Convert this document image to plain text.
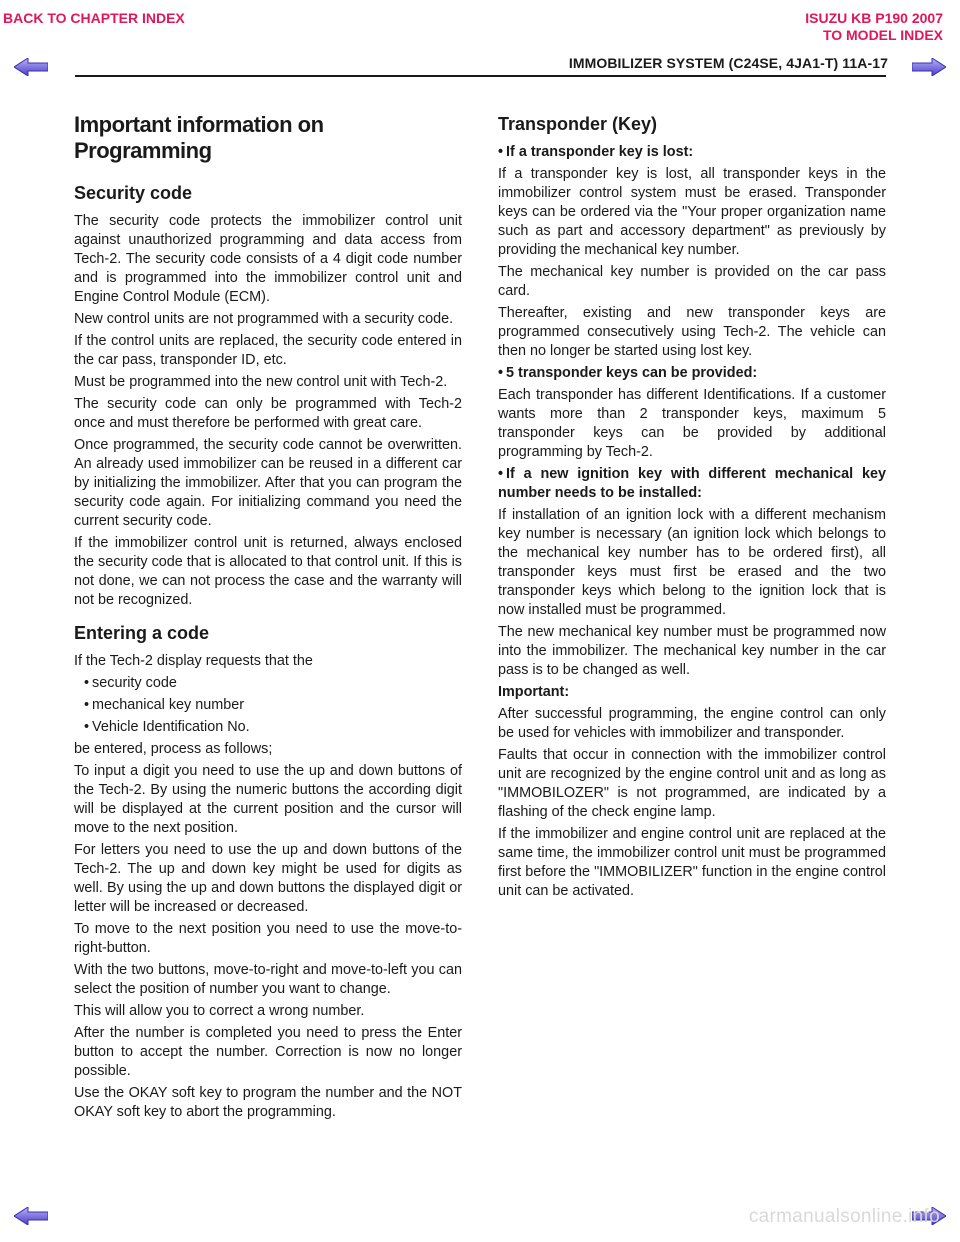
BACK TO CHAPTER INDEX	ISUZU KB P190 2007
TO MODEL INDEX
IMMOBILIZER SYSTEM (C24SE, 4JA1-T) 11A-17
Important information on Programming
Security code

The security code protects the immobilizer control unit against unauthorized programming and data access from Tech-2. The security code consists of a 4 digit code number and is programmed into the immobilizer control unit and Engine Control Module (ECM).

New control units are not programmed with a security code.

If the control units are replaced, the security code entered in the car pass, transponder ID, etc.

Must be programmed into the new control unit with Tech-2.

The security code can only be programmed with Tech-2 once and must therefore be performed with great care.

Once programmed, the security code cannot be overwritten. An already used immobilizer can be reused in a different car by initializing the immobilizer. After that you can program the security code again. For initializing command you need the current security code.

If the immobilizer control unit is returned, always enclosed the security code that is allocated to that control unit. If this is not done, we can not process the case and the warranty will not be recognized.

Entering a code

If the Tech-2 display requests that the

• security code
• mechanical key number
• Vehicle Identification No.

be entered, process as follows;

To input a digit you need to use the up and down buttons of the Tech-2. By using the numeric buttons the according digit will be displayed at the current position and the cursor will move to the next position.

For letters you need to use the up and down buttons of the Tech-2. The up and down key might be used for digits as well. By using the up and down buttons the displayed digit or letter will be increased or decreased.

To move to the next position you need to use the move-to-right-button.

With the two buttons, move-to-right and move-to-left you can select the position of number you want to change.

This will allow you to correct a wrong number.

After the number is completed you need to press the Enter button to accept the number. Correction is now no longer possible.

Use the OKAY soft key to program the number and the NOT OKAY soft key to abort the programming.

Transponder (Key)

• If a transponder key is lost:

If a transponder key is lost, all transponder keys in the immobilizer control system must be erased. Transponder keys can be ordered via the "Your proper organization name such as part and accessory department" as previously by providing the mechanical key number.

The mechanical key number is provided on the car pass card.

Thereafter, existing and new transponder keys are programmed consecutively using Tech-2. The vehicle can then no longer be started using lost key.

• 5 transponder keys can be provided:

Each transponder has different Identifications. If a customer wants more than 2 transponder keys, maximum 5 transponder keys can be provided by additional programming by Tech-2.

• If a new ignition key with different mechanical key number needs to be installed:

If installation of an ignition lock with a different mechanism key number is necessary (an ignition lock which belongs to the mechanical key number has to be ordered first), all transponder keys must first be erased and the two transponder keys which belong to the ignition lock that is now installed must be programmed.

The new mechanical key number must be programmed now into the immobilizer. The mechanical key number in the car pass is to be changed as well.

Important:

After successful programming, the engine control can only be used for vehicles with immobilizer and transponder.

Faults that occur in connection with the immobilizer control unit are recognized by the engine control unit and as long as "IMMOBILOZER" is not programmed, are indicated by a flashing of the check engine lamp.

If the immobilizer and engine control unit are replaced at the same time, the immobilizer control unit must be programmed first before the "IMMOBILIZER" function in the engine control unit can be activated.

carmanualsonline.info
